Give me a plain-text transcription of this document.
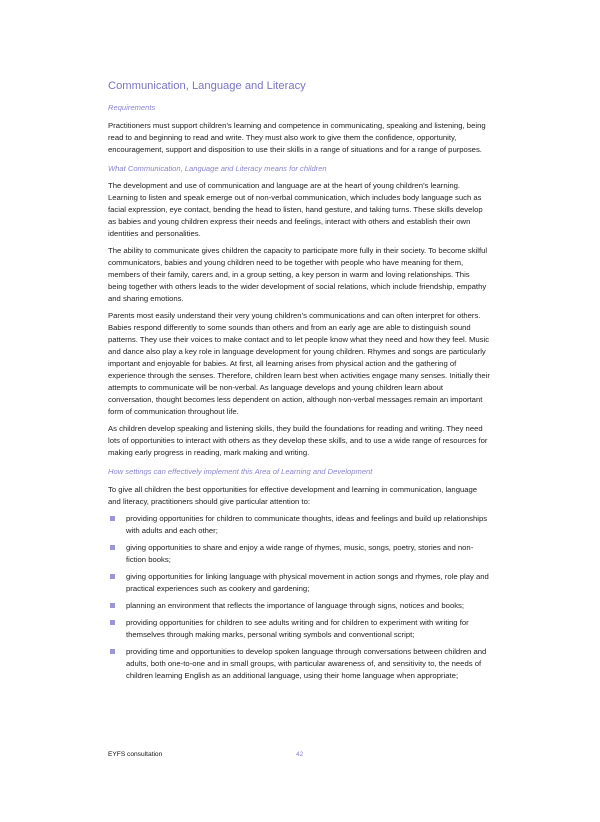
Communication, Language and Literacy
Requirements

Practitioners must support children’s learning and competence in communicating, speaking and listening, being read to and beginning to read and write. They must also work to give them the confidence, opportunity, encouragement, support and disposition to use their skills in a range of situations and for a range of purposes.

What Communication, Language and Literacy means for children

The development and use of communication and language are at the heart of young children’s learning. Learning to listen and speak emerge out of non-verbal communication, which includes body language such as facial expression, eye contact, bending the head to listen, hand gesture, and taking turns. These skills develop as babies and young children express their needs and feelings, interact with others and establish their own identities and personalities.

The ability to communicate gives children the capacity to participate more fully in their society. To become skilful communicators, babies and young children need to be together with people who have meaning for them, members of their family, carers and, in a group setting, a key person in warm and loving relationships. This being together with others leads to the wider development of social relations, which include friendship, empathy and sharing emotions.

Parents most easily understand their very young children’s communications and can often interpret for others. Babies respond differently to some sounds than others and from an early age are able to distinguish sound patterns. They use their voices to make contact and to let people know what they need and how they feel. Music and dance also play a key role in language development for young children. Rhymes and songs are particularly important and enjoyable for babies. At first, all learning arises from physical action and the gathering of experience through the senses. Therefore, children learn best when activities engage many senses. Initially their attempts to communicate will be non-verbal. As language develops and young children learn about conversation, thought becomes less dependent on action, although non-verbal messages remain an important form of communication throughout life.

As children develop speaking and listening skills, they build the foundations for reading and writing. They need lots of opportunities to interact with others as they develop these skills, and to use a wide range of resources for making early progress in reading, mark making and writing.

How settings can effectively implement this Area of Learning and Development

To give all children the best opportunities for effective development and learning in communication, language and literacy, practitioners should give particular attention to:

providing opportunities for children to communicate thoughts, ideas and feelings and build up relationships with adults and each other;
giving opportunities to share and enjoy a wide range of rhymes, music, songs, poetry, stories and non-fiction books;
giving opportunities for linking language with physical movement in action songs and rhymes, role play and practical experiences such as cookery and gardening;
planning an environment that reflects the importance of language through signs, notices and books;
providing opportunities for children to see adults writing and for children to experiment with writing for themselves through making marks, personal writing symbols and conventional script;
providing time and opportunities to develop spoken language through conversations between children and adults, both one-to-one and in small groups, with particular awareness of, and sensitivity to, the needs of children learning English as an additional language, using their home language when appropriate;
EYFS consultation	42
